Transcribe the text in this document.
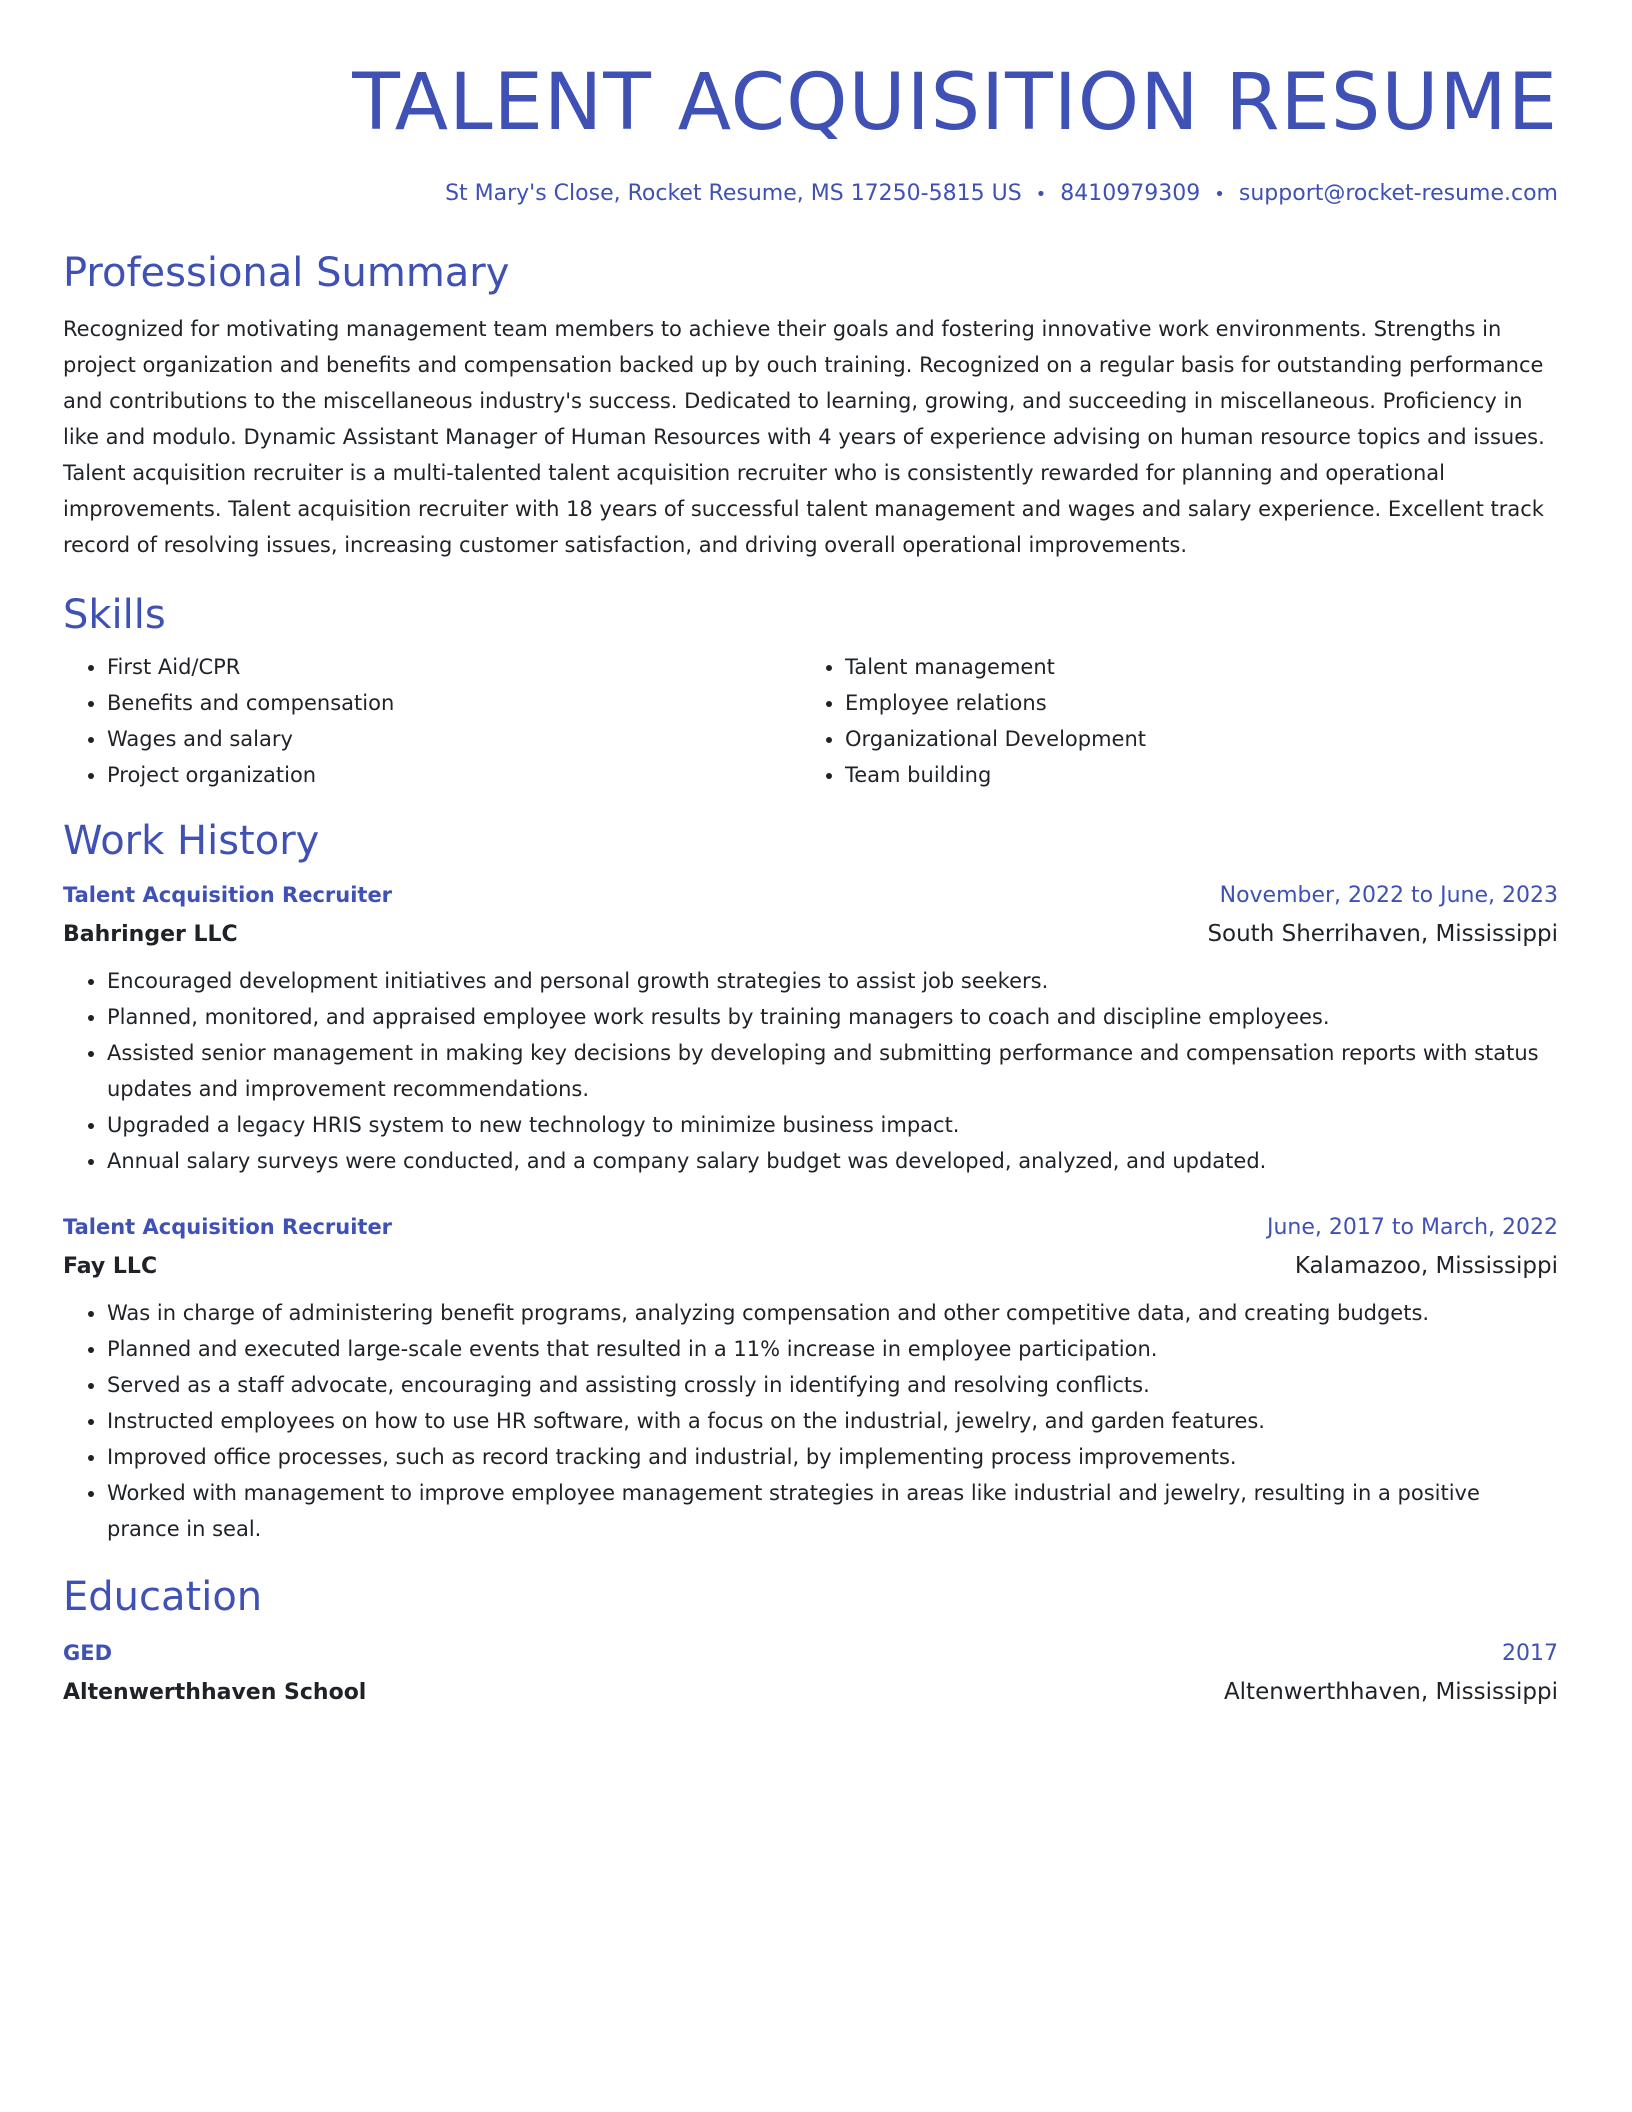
TALENT ACQUISITION RESUME
St Mary's Close, Rocket Resume, MS 17250-5815 US • 8410979309 • support@rocket-resume.com
Professional Summary

Recognized for motivating management team members to achieve their goals and fostering innovative work environments. Strengths in project organization and benefits and compensation backed up by ouch training. Recognized on a regular basis for outstanding performance and contributions to the miscellaneous industry's success. Dedicated to learning, growing, and succeeding in miscellaneous. Proficiency in like and modulo. Dynamic Assistant Manager of Human Resources with 4 years of experience advising on human resource topics and issues. Talent acquisition recruiter is a multi-talented talent acquisition recruiter who is consistently rewarded for planning and operational improvements. Talent acquisition recruiter with 18 years of successful talent management and wages and salary experience. Excellent track record of resolving issues, increasing customer satisfaction, and driving overall operational improvements.

Skills
• First Aid/CPR
• Benefits and compensation
• Wages and salary
• Project organization
• Talent management
• Employee relations
• Organizational Development
• Team building
Work History
Talent Acquisition Recruiter	November, 2022 to June, 2023
Bahringer LLC	South Sherrihaven, Mississippi
• Encouraged development initiatives and personal growth strategies to assist job seekers.
• Planned, monitored, and appraised employee work results by training managers to coach and discipline employees.
• Assisted senior management in making key decisions by developing and submitting performance and compensation reports with status updates and improvement recommendations.
• Upgraded a legacy HRIS system to new technology to minimize business impact.
• Annual salary surveys were conducted, and a company salary budget was developed, analyzed, and updated.
Talent Acquisition Recruiter	June, 2017 to March, 2022
Fay LLC	Kalamazoo, Mississippi
• Was in charge of administering benefit programs, analyzing compensation and other competitive data, and creating budgets.
• Planned and executed large-scale events that resulted in a 11% increase in employee participation.
• Served as a staff advocate, encouraging and assisting crossly in identifying and resolving conflicts.
• Instructed employees on how to use HR software, with a focus on the industrial, jewelry, and garden features.
• Improved office processes, such as record tracking and industrial, by implementing process improvements.
• Worked with management to improve employee management strategies in areas like industrial and jewelry, resulting in a positive prance in seal.
Education
GED	2017
Altenwerthhaven School	Altenwerthhaven, Mississippi
